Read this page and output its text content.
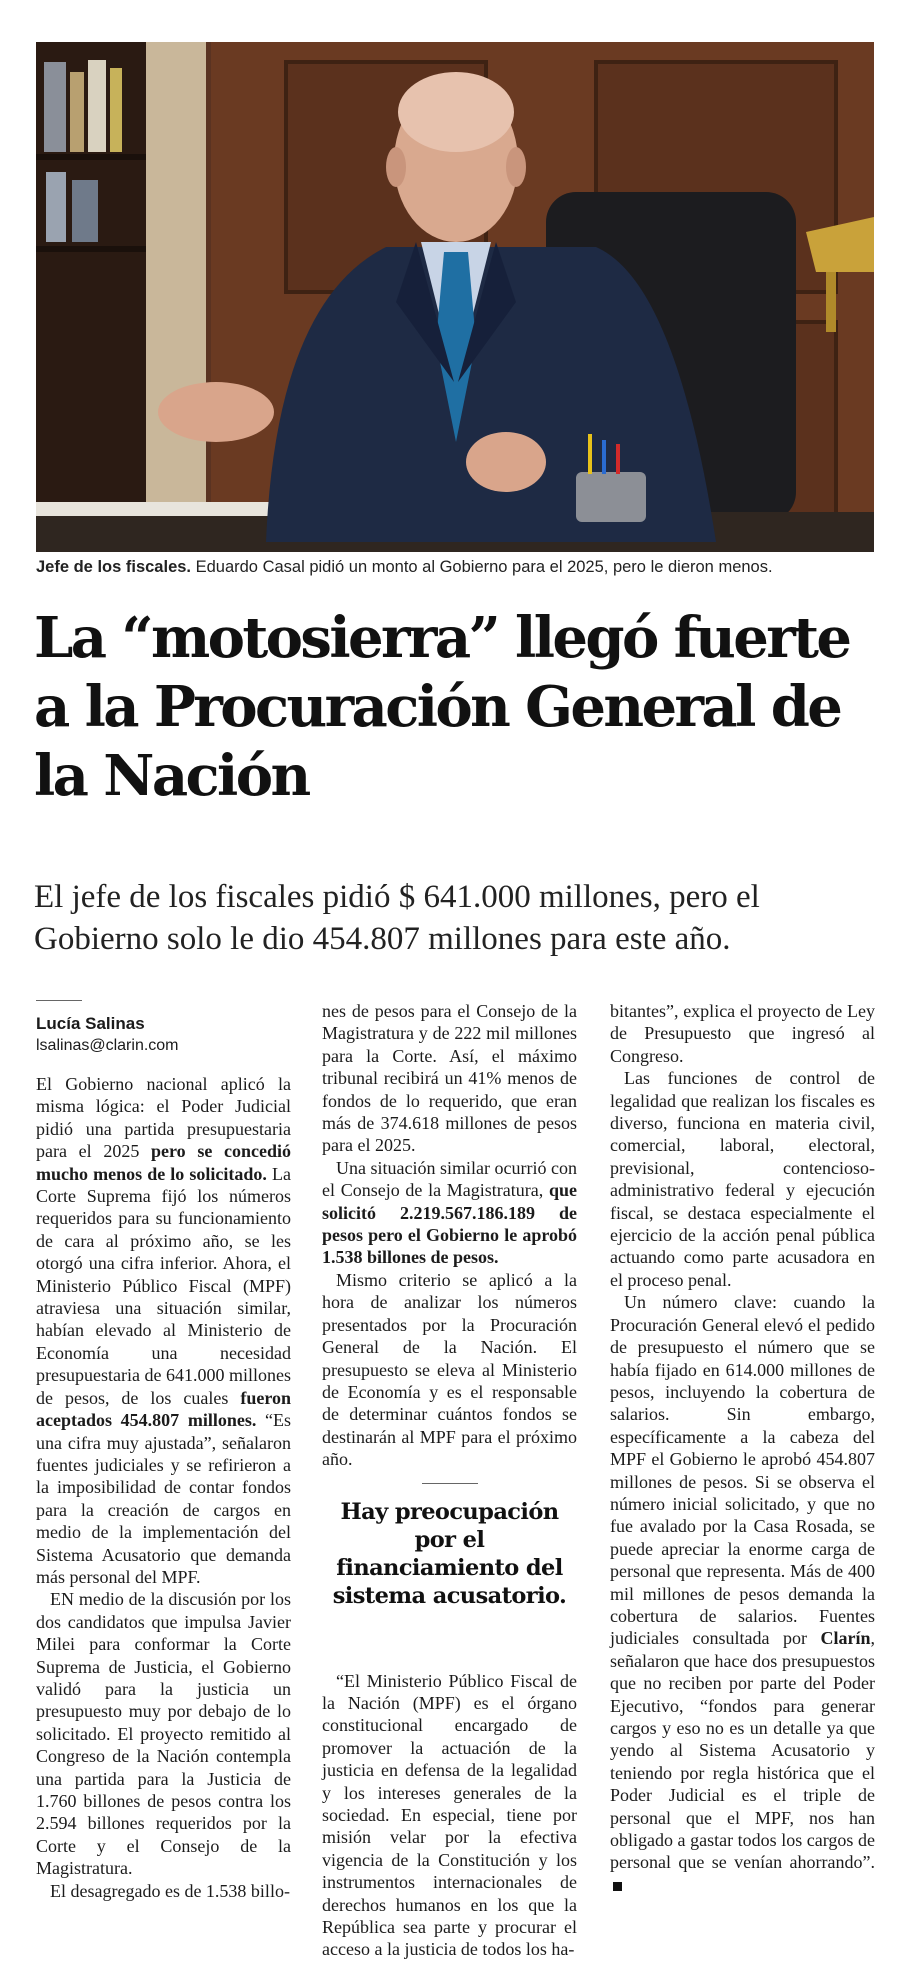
Jefe de los fiscales. Eduardo Casal pidió un monto al Gobierno para el 2025, pero le dieron menos.
La “motosierra” llegó fuerte a la Procuración General de la Nación

El jefe de los fiscales pidió $ 641.000 millones, pero el Gobierno solo le dio 454.807 millones para este año.

Lucía Salinas
lsalinas@clarin.com

El Gobierno nacional aplicó la misma lógica: el Poder Judicial pidió una partida presupuestaria para el 2025 pero se concedió mucho menos de lo solicitado. La Corte Suprema fijó los números requeridos para su funcionamiento de cara al próximo año, se les otorgó una cifra inferior. Ahora, el Ministerio Público Fiscal (MPF) atraviesa una situación similar, habían elevado al Ministerio de Economía una necesidad presupuestaria de 641.000 millones de pesos, de los cuales fueron aceptados 454.807 millones. “Es una cifra muy ajustada”, señalaron fuentes judiciales y se refirieron a la imposibilidad de contar fondos para la creación de cargos en medio de la implementación del Sistema Acusatorio que demanda más personal del MPF.

EN medio de la discusión por los dos candidatos que impulsa Javier Milei para conformar la Corte Suprema de Justicia, el Gobierno validó para la justicia un presupuesto muy por debajo de lo solicitado. El proyecto remitido al Congreso de la Nación contempla una partida para la Justicia de 1.760 billones de pesos contra los 2.594 billones requeridos por la Corte y el Consejo de la Magistratura.

El desagregado es de 1.538 billo-

nes de pesos para el Consejo de la Magistratura y de 222 mil millones para la Corte. Así, el máximo tribunal recibirá un 41% menos de fondos de lo requerido, que eran más de 374.618 millones de pesos para el 2025.

Una situación similar ocurrió con el Consejo de la Magistratura, que solicitó 2.219.567.186.189 de pesos pero el Gobierno le aprobó 1.538 billones de pesos.

Mismo criterio se aplicó a la hora de analizar los números presentados por la Procuración General de la Nación. El presupuesto se eleva al Ministerio de Economía y es el responsable de determinar cuántos fondos se destinarán al MPF para el próximo año.

Hay preocupación por el financiamiento del sistema acusatorio.

“El Ministerio Público Fiscal de la Nación (MPF) es el órgano constitucional encargado de promover la actuación de la justicia en defensa de la legalidad y los intereses generales de la sociedad. En especial, tiene por misión velar por la efectiva vigencia de la Constitución y los instrumentos internacionales de derechos humanos en los que la República sea parte y procurar el acceso a la justicia de todos los ha-

bitantes”, explica el proyecto de Ley de Presupuesto que ingresó al Congreso.

Las funciones de control de legalidad que realizan los fiscales es diverso, funciona en materia civil, comercial, laboral, electoral, previsional, contencioso-administrativo federal y ejecución fiscal, se destaca especialmente el ejercicio de la acción penal pública actuando como parte acusadora en el proceso penal.

Un número clave: cuando la Procuración General elevó el pedido de presupuesto el número que se había fijado en 614.000 millones de pesos, incluyendo la cobertura de salarios. Sin embargo, específicamente a la cabeza del MPF el Gobierno le aprobó 454.807 millones de pesos. Si se observa el número inicial solicitado, y que no fue avalado por la Casa Rosada, se puede apreciar la enorme carga de personal que representa. Más de 400 mil millones de pesos demanda la cobertura de salarios. Fuentes judiciales consultada por Clarín, señalaron que hace dos presupuestos que no reciben por parte del Poder Ejecutivo, “fondos para generar cargos y eso no es un detalle ya que yendo al Sistema Acusatorio y teniendo por regla histórica que el Poder Judicial es el triple de personal que el MPF, nos han obligado a gastar todos los cargos de personal que se venían ahorrando”.
